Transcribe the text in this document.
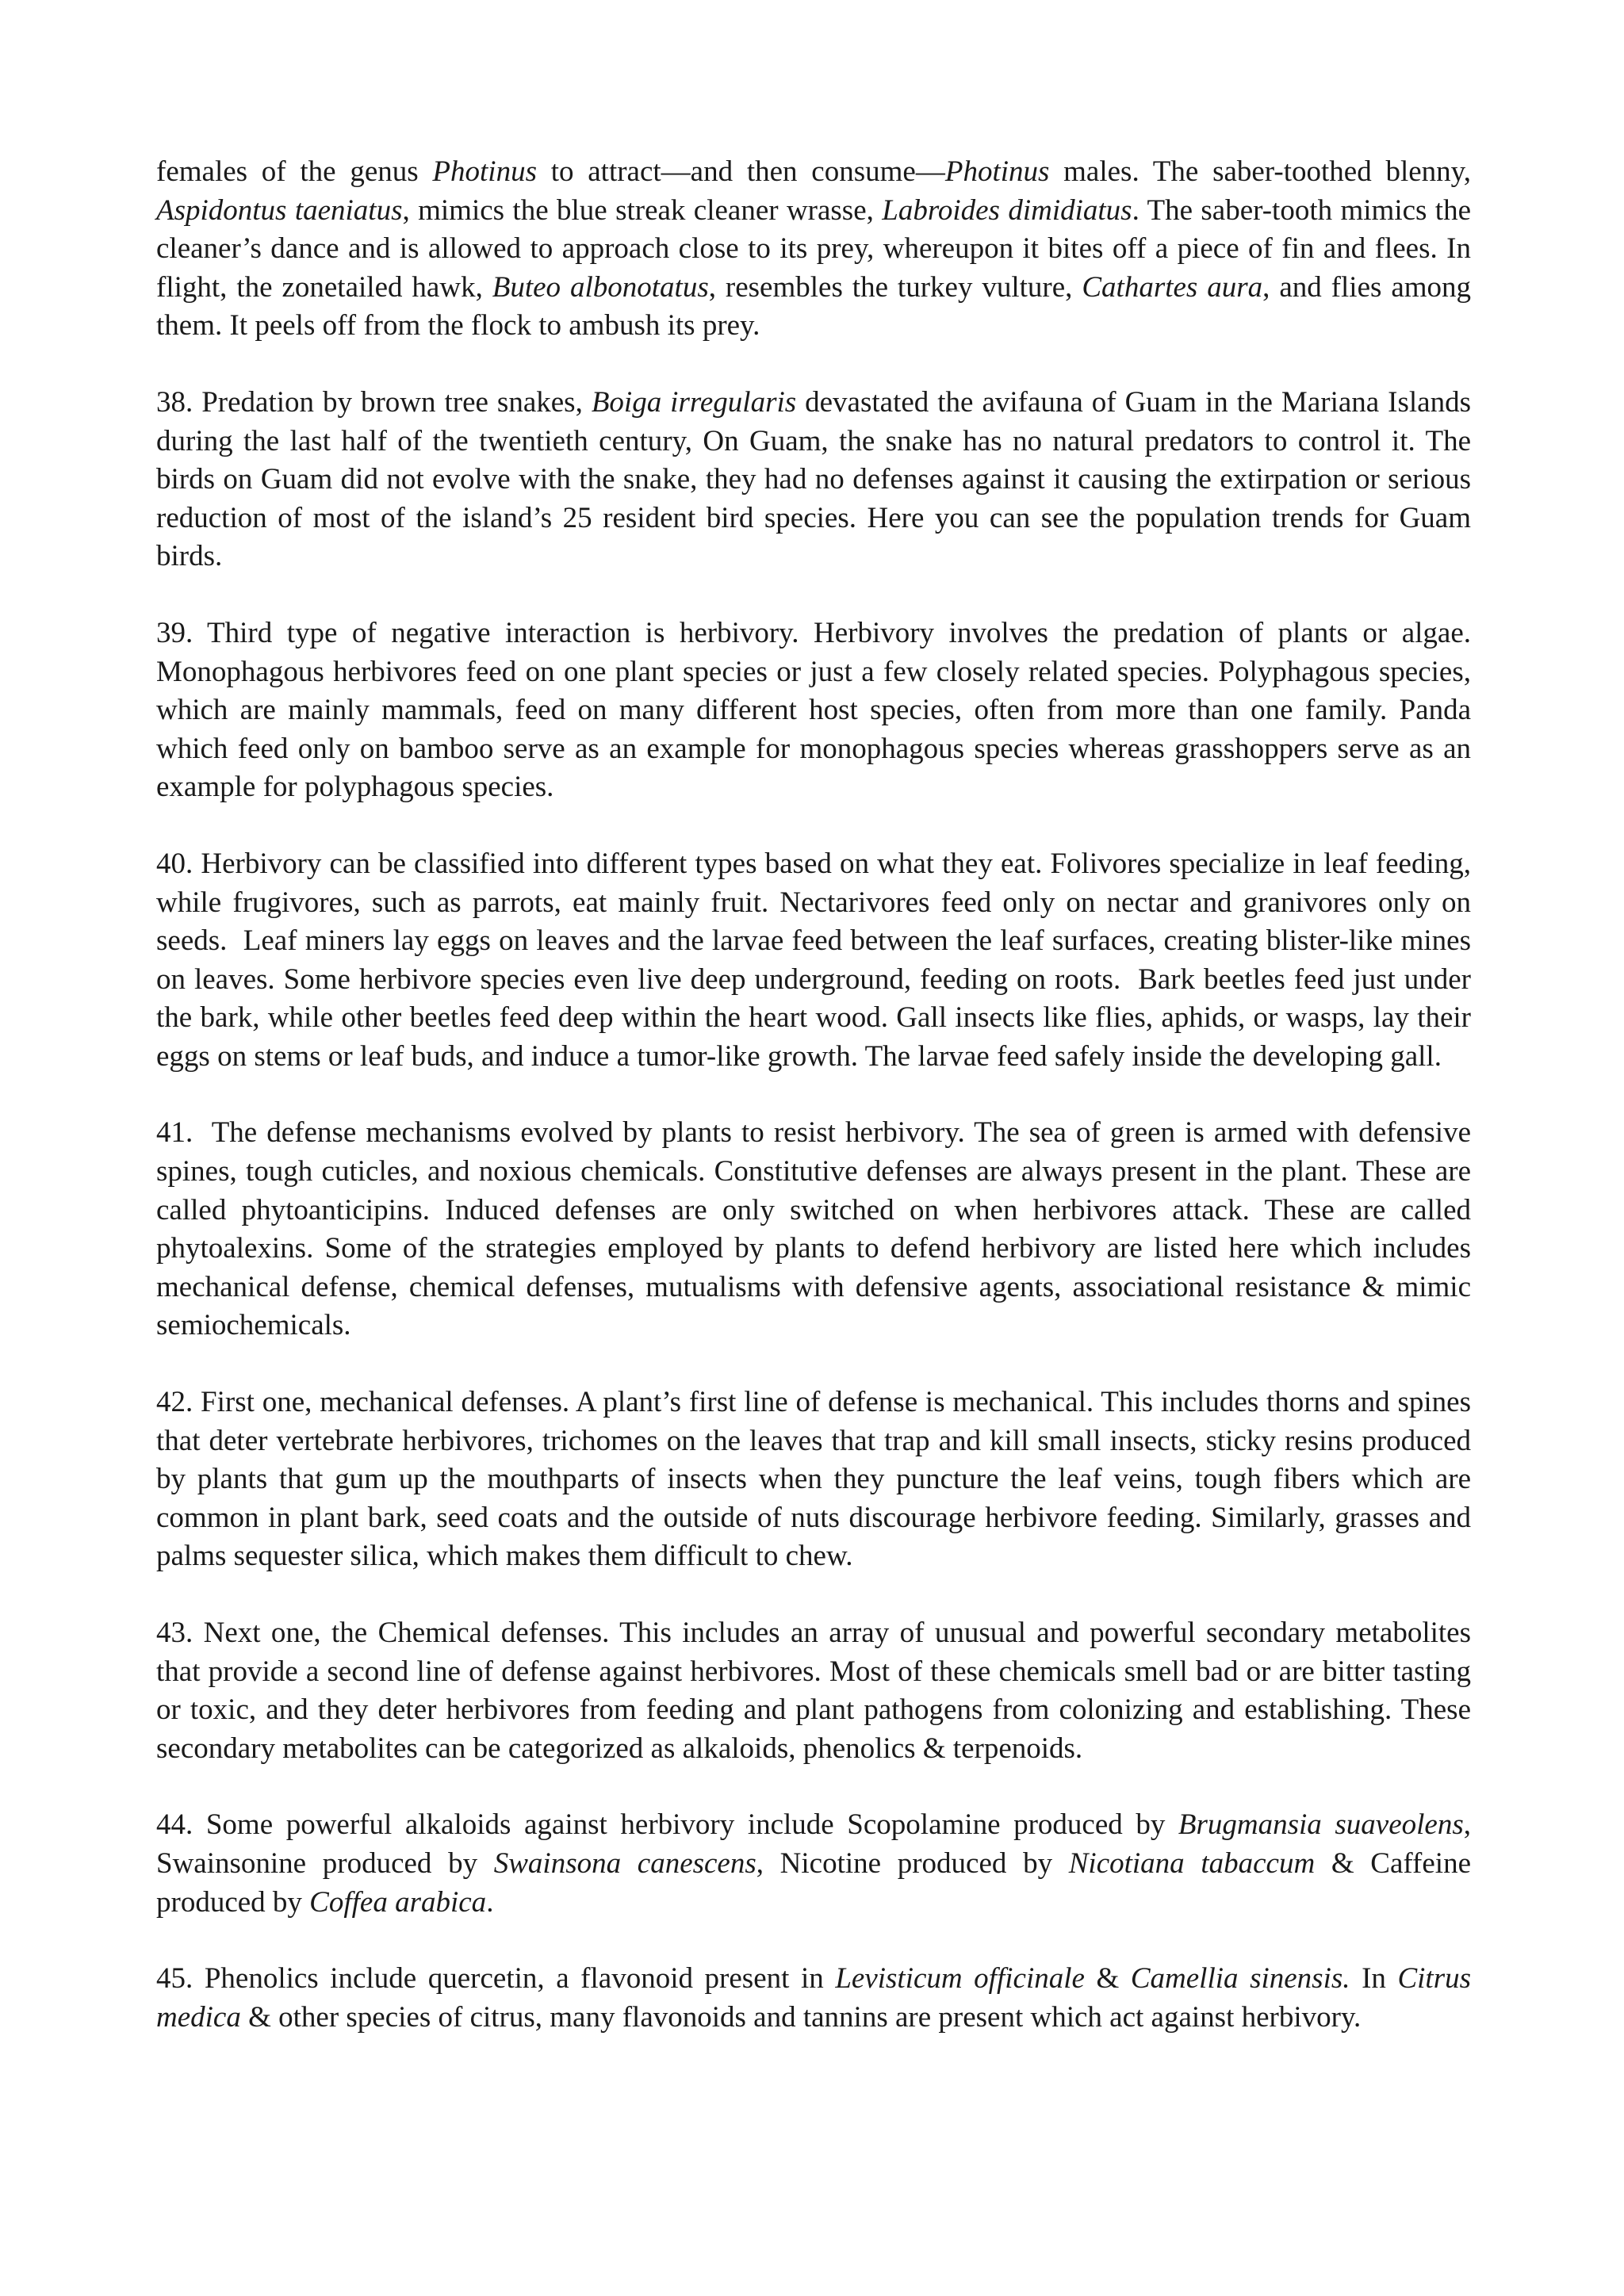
females of the genus Photinus to attract—and then consume—Photinus males. The saber-toothed blenny, Aspidontus taeniatus, mimics the blue streak cleaner wrasse, Labroides dimidiatus. The saber-tooth mimics the cleaner’s dance and is allowed to approach close to its prey, whereupon it bites off a piece of fin and flees. In flight, the zonetailed hawk, Buteo albonotatus, resembles the turkey vulture, Cathartes aura, and flies among them. It peels off from the flock to ambush its prey.

38. Predation by brown tree snakes, Boiga irregularis devastated the avifauna of Guam in the Mariana Islands during the last half of the twentieth century, On Guam, the snake has no natural predators to control it. The birds on Guam did not evolve with the snake, they had no defenses against it causing the extirpation or serious reduction of most of the island’s 25 resident bird species. Here you can see the population trends for Guam birds.

39. Third type of negative interaction is herbivory. Herbivory involves the predation of plants or algae. Monophagous herbivores feed on one plant species or just a few closely related species. Polyphagous species, which are mainly mammals, feed on many different host species, often from more than one family. Panda which feed only on bamboo serve as an example for monophagous species whereas grasshoppers serve as an example for polyphagous species.

40. Herbivory can be classified into different types based on what they eat. Folivores specialize in leaf feeding, while frugivores, such as parrots, eat mainly fruit. Nectarivores feed only on nectar and granivores only on seeds.  Leaf miners lay eggs on leaves and the larvae feed between the leaf surfaces, creating blister-like mines on leaves. Some herbivore species even live deep underground, feeding on roots.  Bark beetles feed just under the bark, while other beetles feed deep within the heart wood. Gall insects like flies, aphids, or wasps, lay their eggs on stems or leaf buds, and induce a tumor-like growth. The larvae feed safely inside the developing gall.

41.  The defense mechanisms evolved by plants to resist herbivory. The sea of green is armed with defensive spines, tough cuticles, and noxious chemicals. Constitutive defenses are always present in the plant. These are called phytoanticipins. Induced defenses are only switched on when herbivores attack. These are called phytoalexins. Some of the strategies employed by plants to defend herbivory are listed here which includes mechanical defense, chemical defenses, mutualisms with defensive agents, associational resistance & mimic semiochemicals.

42. First one, mechanical defenses. A plant’s first line of defense is mechanical. This includes thorns and spines that deter vertebrate herbivores, trichomes on the leaves that trap and kill small insects, sticky resins produced by plants that gum up the mouthparts of insects when they puncture the leaf veins, tough fibers which are common in plant bark, seed coats and the outside of nuts discourage herbivore feeding. Similarly, grasses and palms sequester silica, which makes them difficult to chew.

43. Next one, the Chemical defenses. This includes an array of unusual and powerful secondary metabolites that provide a second line of defense against herbivores. Most of these chemicals smell bad or are bitter tasting or toxic, and they deter herbivores from feeding and plant pathogens from colonizing and establishing. These secondary metabolites can be categorized as alkaloids, phenolics & terpenoids.

44. Some powerful alkaloids against herbivory include Scopolamine produced by Brugmansia suaveolens, Swainsonine produced by Swainsona canescens, Nicotine produced by Nicotiana tabaccum & Caffeine produced by Coffea arabica.

45. Phenolics include quercetin, a flavonoid present in Levisticum officinale & Camellia sinensis. In Citrus medica & other species of citrus, many flavonoids and tannins are present which act against herbivory.
